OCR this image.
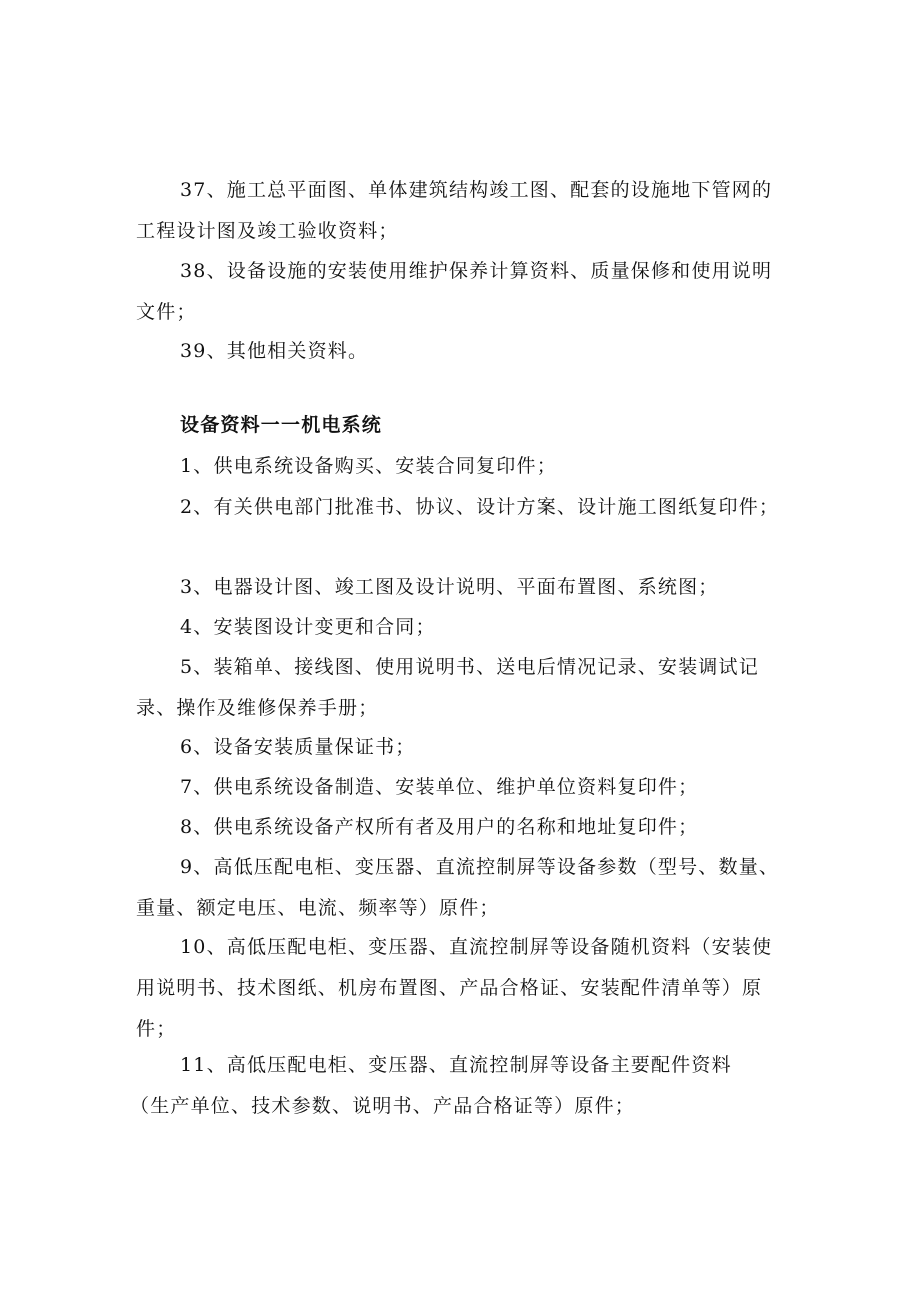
37、施工总平面图、单体建筑结构竣工图、配套的设施地下管网的工程设计图及竣工验收资料；

38、设备设施的安装使用维护保养计算资料、质量保修和使用说明文件；

39、其他相关资料。

设备资料一一机电系统

1、供电系统设备购买、安装合同复印件；

2、有关供电部门批准书、协议、设计方案、设计施工图纸复印件；

3、电器设计图、竣工图及设计说明、平面布置图、系统图；

4、安装图设计变更和合同；

5、装箱单、接线图、使用说明书、送电后情况记录、安装调试记录、操作及维修保养手册；

6、设备安装质量保证书；

7、供电系统设备制造、安装单位、维护单位资料复印件；

8、供电系统设备产权所有者及用户的名称和地址复印件；

9、高低压配电柜、变压器、直流控制屏等设备参数（型号、数量、重量、额定电压、电流、频率等）原件；

10、高低压配电柜、变压器、直流控制屏等设备随机资料（安装使用说明书、技术图纸、机房布置图、产品合格证、安装配件清单等）原件；

11、高低压配电柜、变压器、直流控制屏等设备主要配件资料

（生产单位、技术参数、说明书、产品合格证等）原件；
